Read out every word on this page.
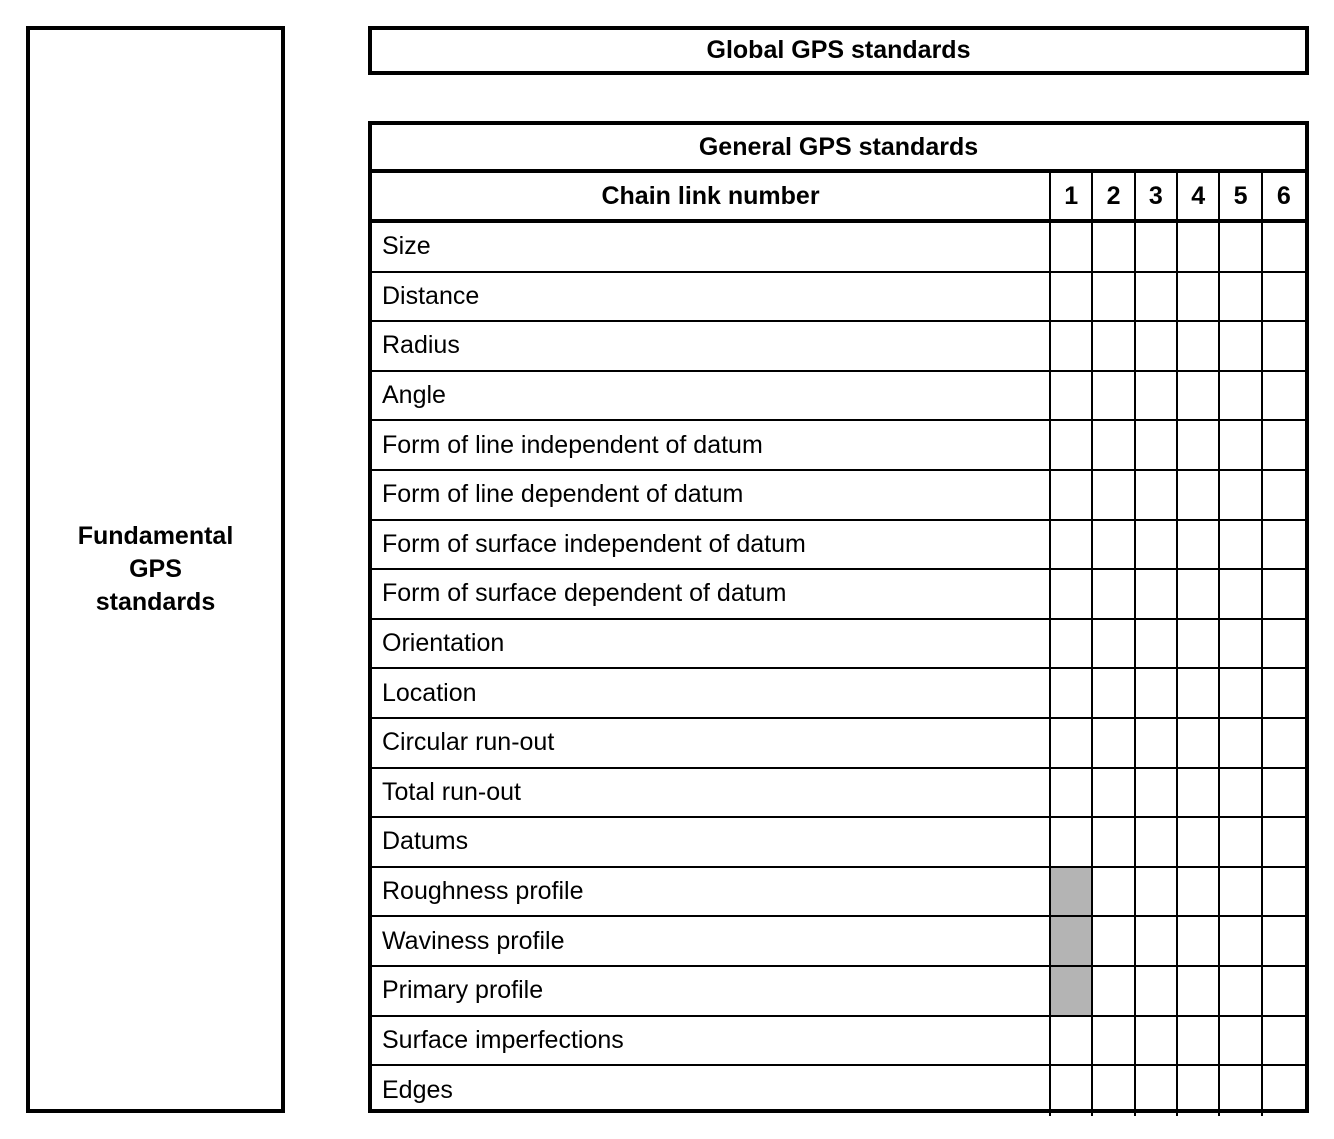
Fundamental
GPS
standards
Global GPS standards
General GPS standards
Chain link number	1	2	3	4	5	6
Size
Distance
Radius
Angle
Form of line independent of datum
Form of line dependent of datum
Form of surface independent of datum
Form of surface dependent of datum
Orientation
Location
Circular run-out
Total run-out
Datums
Roughness profile
Waviness profile
Primary profile
Surface imperfections
Edges
